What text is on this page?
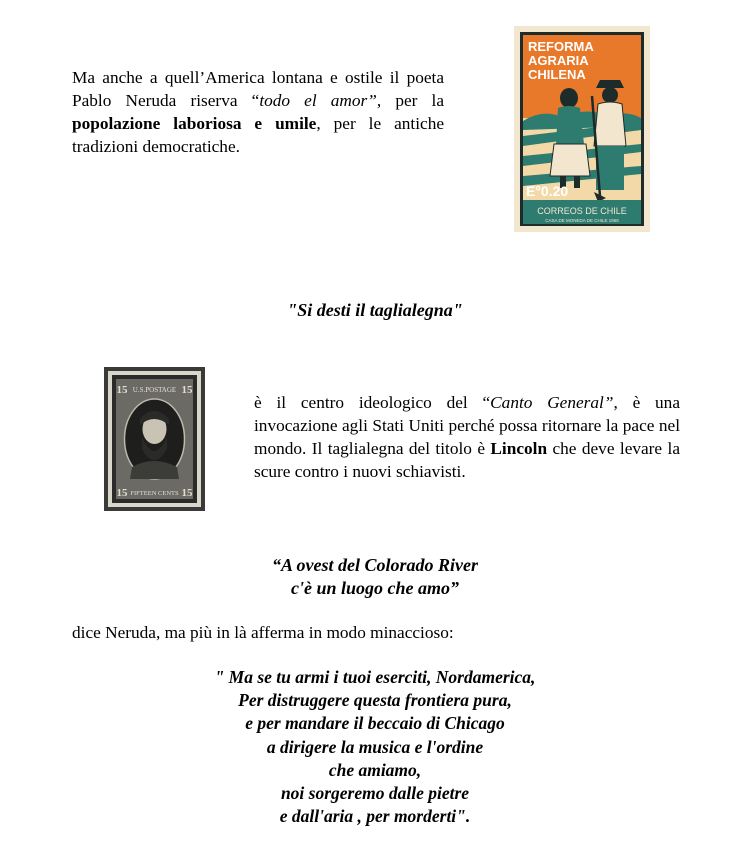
Ma anche a quell’America lontana e ostile il poeta Pablo Neruda riserva “todo el amor”, per la popolazione laboriosa e umile, per le antiche tradizioni democratiche.
REFORMA
AGRARIA
CHILENA
E°0.20
CORREOS DE CHILE
CASA DE MONEDA DE CHILE 1968
"Si desti il taglialegna"
15	15
15	15
U.S.POSTAGE
FIFTEEN CENTS
è il centro ideologico del “Canto General”, è una invocazione agli Stati Uniti perché possa ritornare la pace nel mondo. Il taglialegna del titolo è Lincoln che deve levare la scure contro i nuovi schiavisti.
“A ovest del Colorado River
c'è un luogo che amo”
dice Neruda, ma più in là afferma in modo minaccioso:
" Ma se tu armi i tuoi eserciti, Nordamerica,
Per distruggere questa frontiera pura,
e per mandare il beccaio di Chicago
a dirigere la musica e l'ordine
che amiamo,
noi sorgeremo dalle pietre
e dall'aria , per morderti".
